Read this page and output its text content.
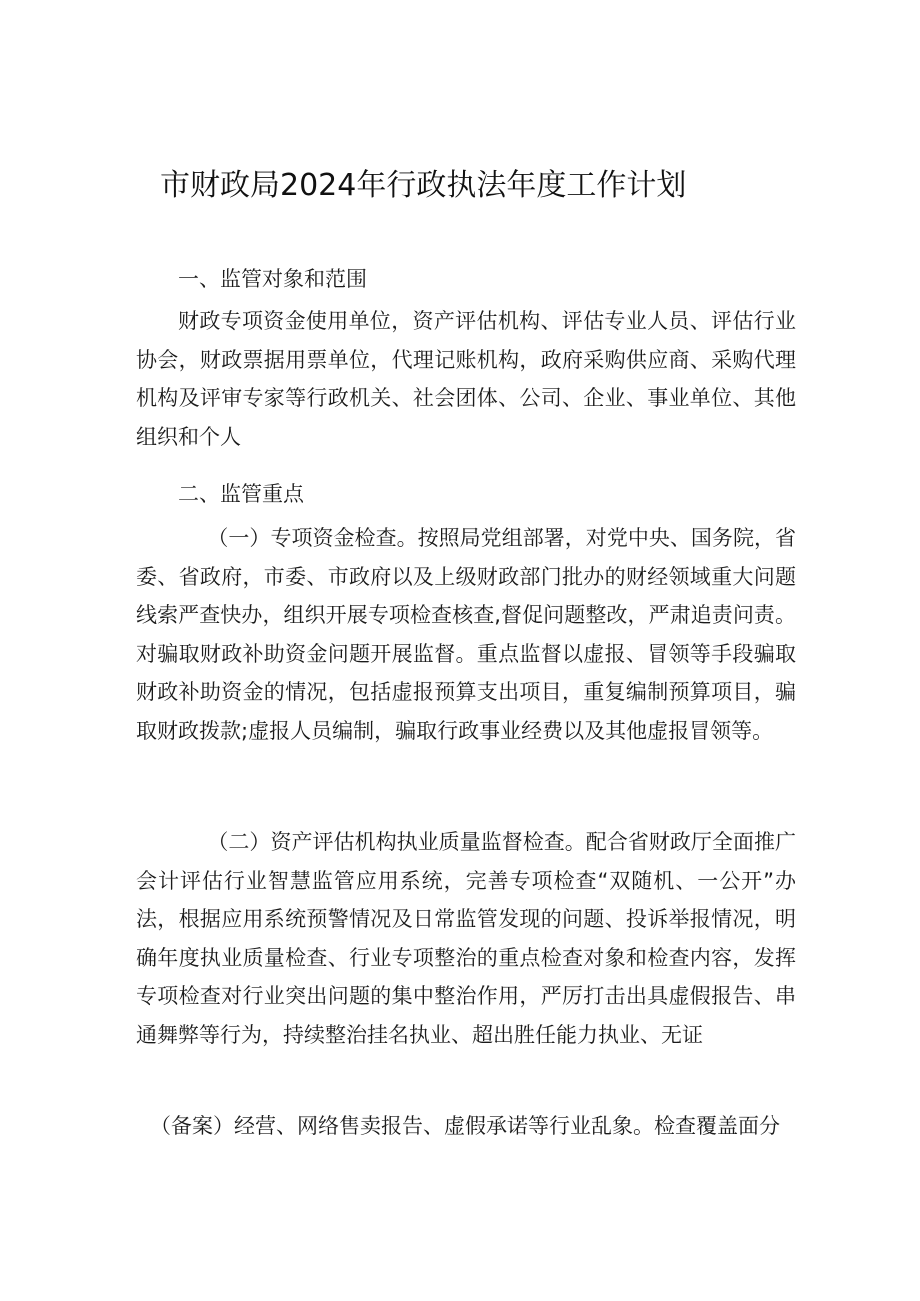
市财政局2024年行政执法年度工作计划
一、监管对象和范围
财政专项资金使用单位，资产评估机构、评估专业人员、评估行业协会，财政票据用票单位，代理记账机构，政府采购供应商、采购代理机构及评审专家等行政机关、社会团体、公司、企业、事业单位、其他组织和个人
二、监管重点
（一）专项资金检查。按照局党组部署，对党中央、国务院，省委、省政府，市委、市政府以及上级财政部门批办的财经领域重大问题线索严查快办，组织开展专项检查核查,督促问题整改，严肃追责问责。对骗取财政补助资金问题开展监督。重点监督以虚报、冒领等手段骗取财政补助资金的情况，包括虚报预算支出项目，重复编制预算项目，骗取财政拨款;虚报人员编制，骗取行政事业经费以及其他虚报冒领等。
（二）资产评估机构执业质量监督检查。配合省财政厅全面推广会计评估行业智慧监管应用系统，完善专项检查“双随机、一公开”办法，根据应用系统预警情况及日常监管发现的问题、投诉举报情况，明确年度执业质量检查、行业专项整治的重点检查对象和检查内容，发挥专项检查对行业突出问题的集中整治作用，严厉打击出具虚假报告、串通舞弊等行为，持续整治挂名执业、超出胜任能力执业、无证
（备案）经营、网络售卖报告、虚假承诺等行业乱象。检查覆盖面分
